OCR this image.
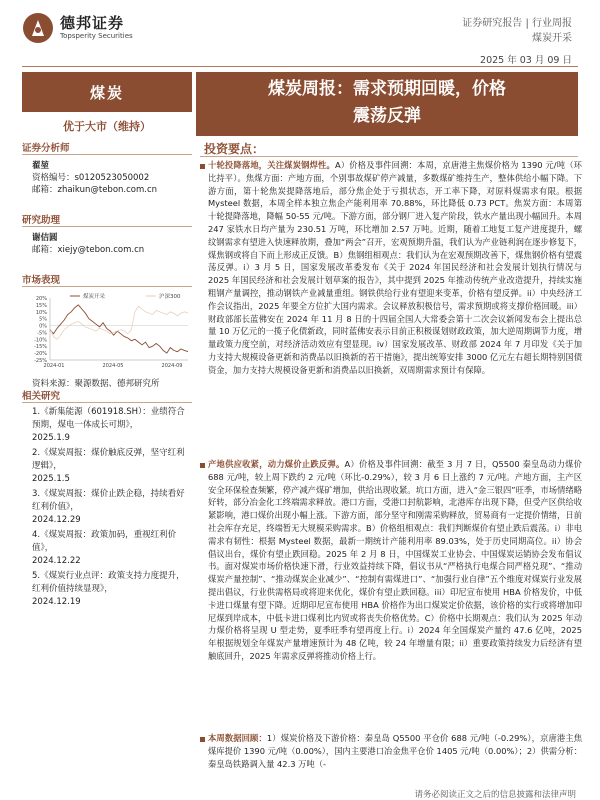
德邦证券
Topsperity Securities
证券研究报告 | 行业周报
煤炭开采
2025 年 03 月 09 日
煤炭
优于大市（维持）
证券分析师
翟堃
资格编号：s0120523050002
邮箱：zhaikun@tebon.com.cn
研究助理
谢佶圆
邮箱：xiejy@tebon.com.cn
市场表现
20%
15%
10%
5%
0%
-5%
-10%
-15%
-20%
-25%
2024-01	2024-05	2024-09
煤炭开采	沪深300
资料来源：聚源数据、德邦研究所
相关研究
1.《新集能源（601918.SH）：业绩符合预期，煤电一体成长可期》，
2025.1.9
2.《煤炭周报：煤价触底反弹，坚守红利逻辑》，
2025.1.5
3.《煤炭周报：煤价止跌企稳，持续看好红利价值》，
2024.12.29
4.《煤炭周报：政策加码，重视红利价值》，
2024.12.22
5.《煤炭行业点评：政策支持力度提升，红利价值持续显现》，
2024.12.19
煤炭周报：需求预期回暖，价格
震荡反弹
投资要点：
十轮投降落地，关注煤炭钢焊性。A）价格及事件回溯：本周，京唐港主焦煤价格为 1390 元/吨（环比持平）。焦煤方面：产地方面，个别事故煤矿停产减量，多数煤矿维持生产，整体供给小幅下降。下游方面，第十轮焦炭提降落地后，部分焦企处于亏损状态，开工率下降，对原料煤需求有限。根据 Mysteel 数据，本周全样本独立焦企产能利用率 70.88%，环比降低 0.73 PCT。焦炭方面：本周第十轮提降落地，降幅 50-55 元/吨。下游方面，部分钢厂进入复产阶段，铁水产量出现小幅回升。本周 247 家铁水日均产量为 230.51 万吨，环比增加 2.57 万吨。近期，随着工地复工复产进度提升，螺纹钢需求有望进入快速释放期，叠加“两会”召开，宏观预期升温，我们认为产业链利润在逐步修复下，煤焦钢或将自下而上形成正反馈。B）焦钢组相观点：我们认为在宏观预期改善下，煤焦钢价格有望震荡反弹。i）3 月 5 日，国家发展改革委发布《关于 2024 年国民经济和社会发展计划执行情况与 2025 年国民经济和社会发展计划草案的报告》，其中提到 2025 年推动传统产业改造提升，持续实施粗钢产量调控，推动钢铁产业减量重组。钢铁供给行业有望迎来变革，价格有望反弹。ii）中央经济工作会议指出，2025 年要全方位扩大国内需求。会议释放积极信号，需求预期或将支撑价格回暖。iii）财政部部长蓝佛安在 2024 年 11 月 8 日的十四届全国人大常委会第十二次会议新闻发布会上提出总量 10 万亿元的一揽子化债新政，同时蓝佛安表示目前正积极谋划财政政策，加大逆周期调节力度，增量政策力度空前，对经济活动效应有望显现。iv）国家发展改革、财政部 2024 年 7 月印发《关于加力支持大规模设备更新和消费品以旧换新的若干措施》，提出统筹安排 3000 亿元左右超长期特别国债资金，加力支持大规模设备更新和消费品以旧换新，双周期需求预计有保障。
产地供应收紧，动力煤价止跌反弹。A）价格及事件回溯：截至 3 月 7 日，Q5500 秦皇岛动力煤价 688 元/吨，较上周下跌约 2 元/吨（环比-0.29%），较 3 月 6 日上涨约 7 元/吨。产地方面，主产区安全环保检查频繁，停产减产煤矿增加，供给出现收紧。坑口方面，进入“金三银四”旺季，市场情绪略好转，部分冶金化工终端需求释放。港口方面，受港口封航影响，北港库存出现下降，但受产区供给收紧影响，港口煤价出现小幅上涨。下游方面，部分坚守和刚需采购释放，贸易商有一定提价情绪，日前社会库存充足，终端暂无大规模采购需求。B）价格组相观点：我们判断煤价有望止跌后震荡。i）非电需求有韧性：根据 Mysteel 数据，最新一期统计产能利用率 89.03%，处于历史同期高位。ii）协会倡议出台，煤价有望止跌回稳。2025 年 2 月 8 日，中国煤炭工业协会、中国煤炭运销协会发布倡议书。面对煤炭市场价格快速下滑，行业效益持续下降，倡议书从“严格执行电煤合同严格兑现”、“推动煤炭产量控制”、“推动煤炭企业减少”、“控制有需煤进口”、“加强行业自律”五个维度对煤炭行业发展提出倡议，行业供需格局或将迎来优化，煤价有望止跌回稳。iii）印尼宣布使用 HBA 价格发价，中低卡进口煤量有望下降。近期印尼宣布使用 HBA 价格作为出口煤炭定价依据，该价格的实行或将增加印尼煤到岸成本，中低卡进口煤利比内贸或将丧失价格优势。C）价格中长期观点：我们认为 2025 年动力煤价格将呈现 U 型走势，夏季旺季有望再度上行。i）2024 年全国煤炭产量约 47.6 亿吨，2025 年根据规划全年煤炭产量增速预计为 48 亿吨，较 24 年增量有限；ii）重要政策持续发力后经济有望触底回升，2025 年需求反弹将推动价格上行。
本周数据回顾：1）煤炭价格及下游价格：秦皇岛 Q5500 平仓价 688 元/吨（-0.29%），京唐港主焦煤库提价 1390 元/吨（0.00%），国内主要港口冶金焦平仓价 1405 元/吨（0.00%）；2）供需分析：秦皇岛铁路调入量 42.3 万吨（-
请务必阅读正文之后的信息披露和法律声明
